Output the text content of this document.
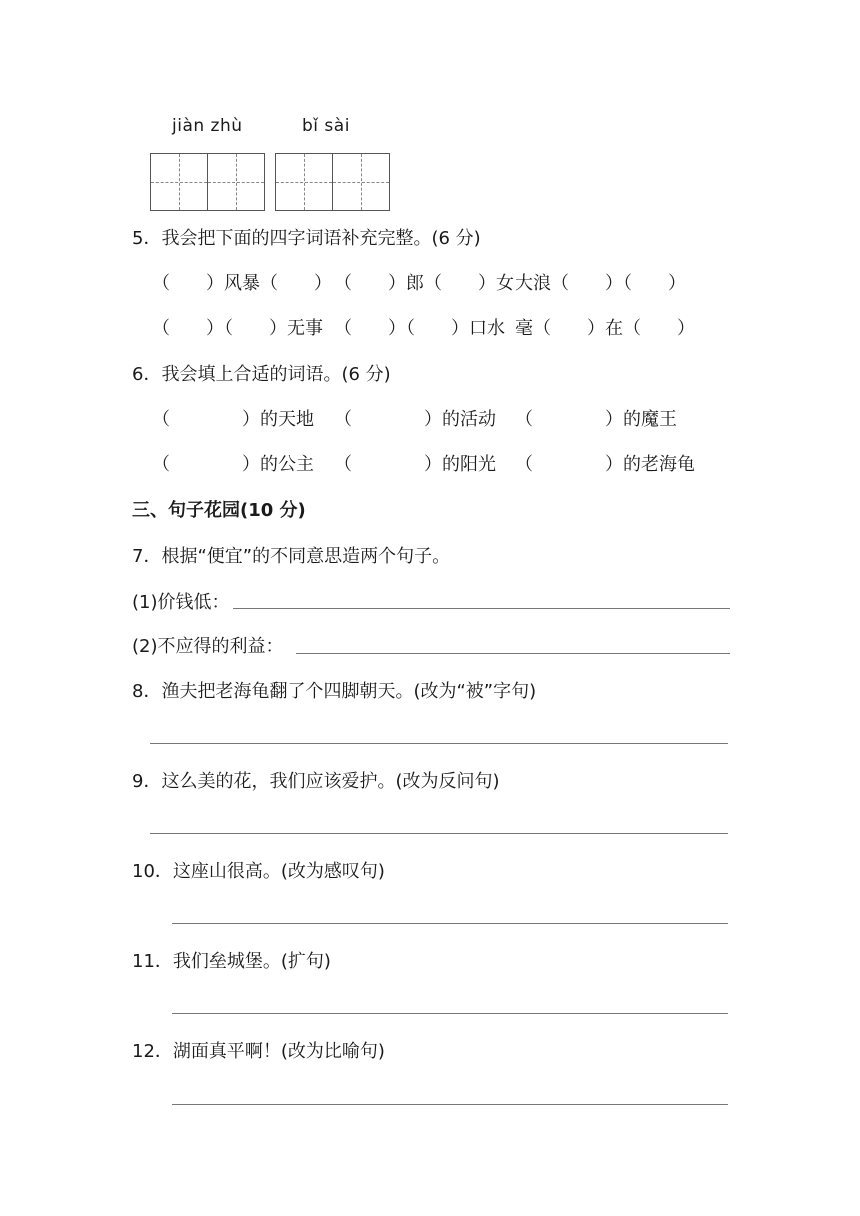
jiàn zhù	bǐ sài
5．我会把下面的四字词语补充完整。(6 分)
（　　）风暴（　　） （　　）郎（　　）女 大浪（　　）（　　）
（　　）（　　）无事 （　　）（　　）口水 毫（　　）在（　　）
6．我会填上合适的词语。(6 分)
（　　　　）的天地 （　　　　）的活动 （　　　　）的魔王
（　　　　）的公主 （　　　　）的阳光 （　　　　）的老海龟
三、句子花园(10 分)
7．根据“便宜”的不同意思造两个句子。
(1)价钱低：
(2)不应得的利益：
8．渔夫把老海龟翻了个四脚朝天。(改为“被”字句)
9．这么美的花，我们应该爱护。(改为反问句)
10．这座山很高。(改为感叹句)
11．我们垒城堡。(扩句)
12．湖面真平啊！(改为比喻句)
